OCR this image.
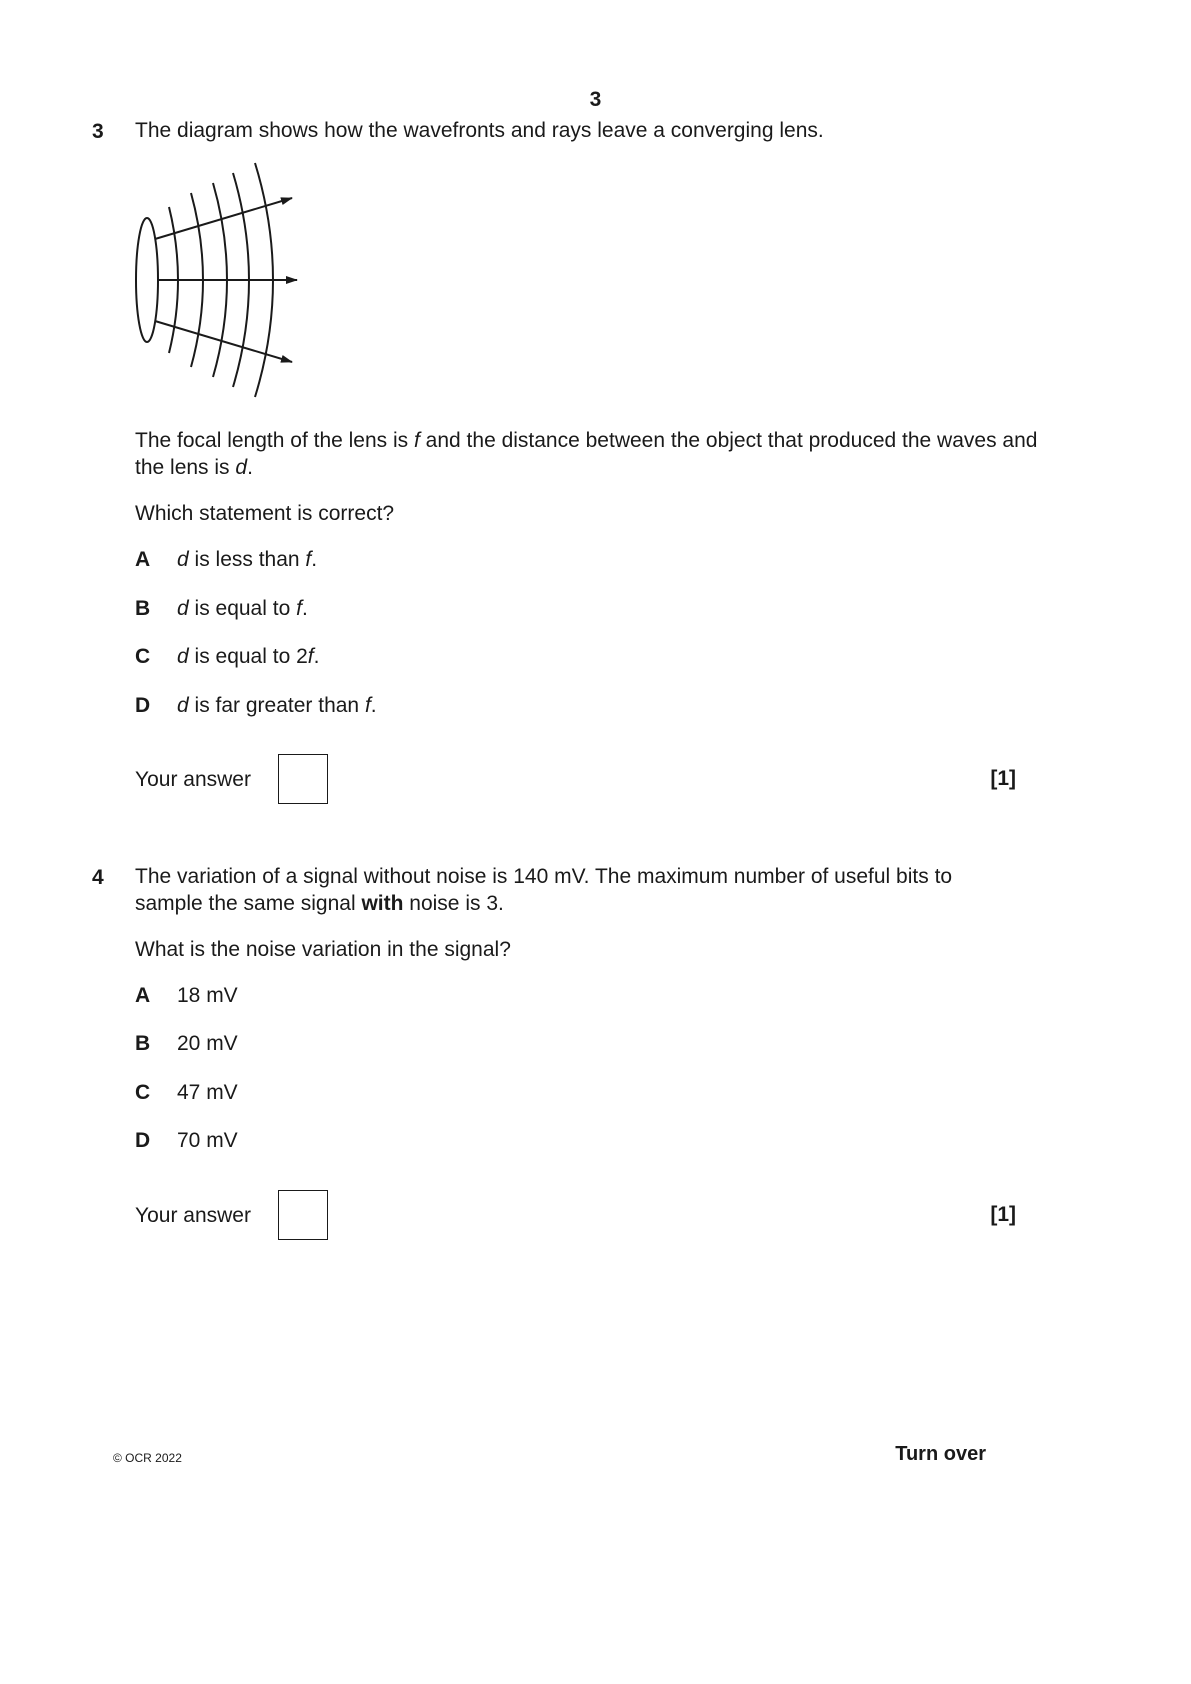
3
3 The diagram shows how the wavefronts and rays leave a converging lens.
The focal length of the lens is f and the distance between the object that produced the waves and the lens is d.
Which statement is correct?
A d is less than f.
B d is equal to f.
C d is equal to 2f.
D d is far greater than f.
Your answer	[1]
4 The variation of a signal without noise is 140 mV. The maximum number of useful bits to sample the same signal with noise is 3.
What is the noise variation in the signal?
A 18 mV
B 20 mV
C 47 mV
D 70 mV
Your answer	[1]
© OCR 2022	Turn over
